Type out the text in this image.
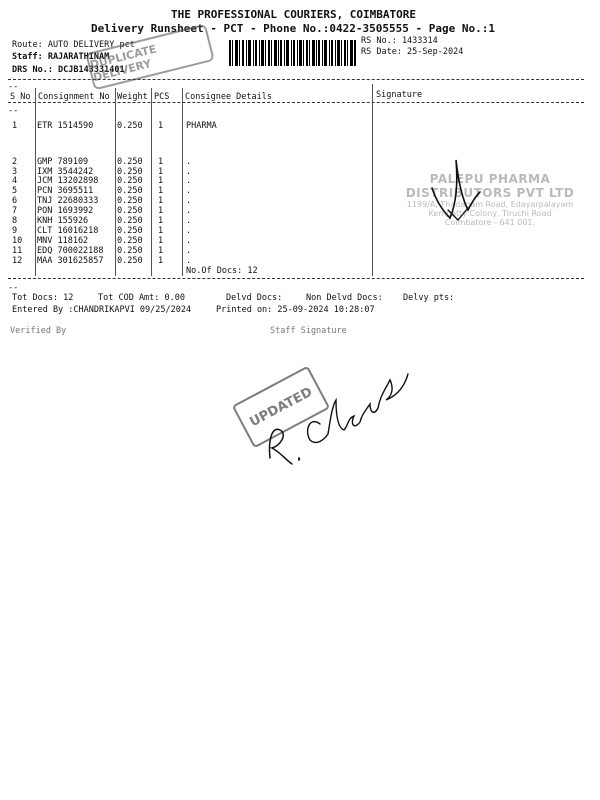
THE PROFESSIONAL COURIERS, COIMBATORE
Delivery Runsheet - PCT - Phone No.:0422-3505555 - Page No.:1
Route: AUTO DELIVERY pct
Staff: RAJARATHINAM
DRS No.: DCJB143331401
RS No.: 1433314
RS Date: 25-Sep-2024
DUPLICATE DELIVERY
--
--
S No Consignment No Weight PCS Consignee Details	Signature
1 ETR 1514590	0.250 1	PHARMA
2 GMP 789109	0.250 1	.
3 IXM 3544242	0.250 1	.
4 JCM 13202898 0.250 1	.
5 PCN 3695511	0.250 1	.
6 TNJ 22680333 0.250 1	.
7 PON 1693992	0.250 1	.
8 KNH 155926	0.250 1	.
9 CLT 16016218 0.250 1	.
10 MNV 118162	0.250 1	.
11 EDQ 700022188 0.250 1	.
12 MAA 301625857 0.250 1	.
No.Of Docs: 12
PALEPU PHARMA
DISTRIBUTORS PVT LTD
1199/A, Thadagam Road, Edayarpalayam
Kempatty Colony, Tiruchi Road
Coimbatore - 641 001.
--
Tot Docs: 12	Tot COD Amt: 0.00	Delvd Docs:	Non Delvd Docs: Delvy pts:
Entered By :CHANDRIKAPVI 09/25/2024	Printed on: 25-09-2024 10:28:07
Verified By	Staff Signature
UPDATED
